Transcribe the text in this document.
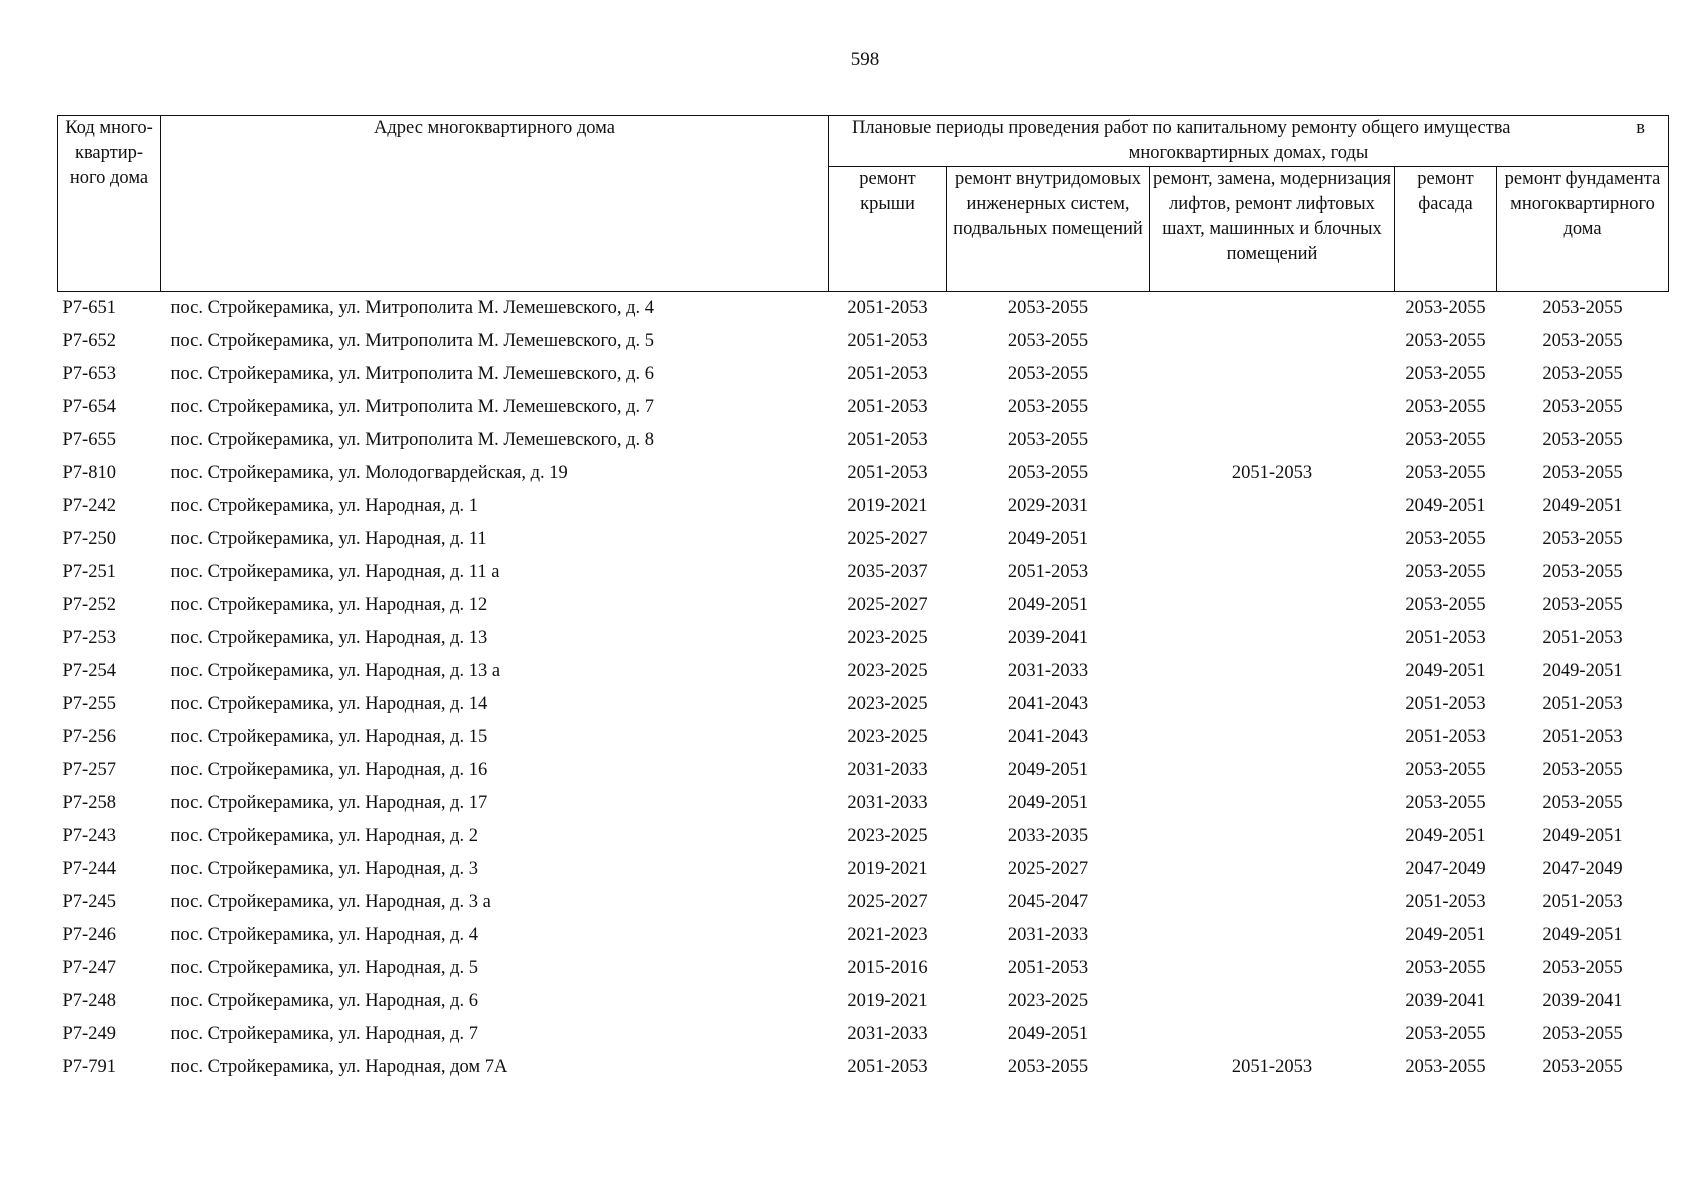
598
Код много-квартир-ного дома	Адрес многоквартирного дома	Плановые периоды проведения работ по капитальному ремонту общего имущества в
многоквартирных домах, годы				

		ремонт крыши	ремонт внутридомовых инженерных систем, подвальных помещений	ремонт, замена, модернизация лифтов, ремонт лифтовых шахт, машинных и блочных помещений	ремонт фасада	ремонт фундамента многоквартирного дома
Р7-651	пос. Стройкерамика, ул. Митрополита М. Лемешевского, д. 4	2051-2053	2053-2055		2053-2055	2053-2055
Р7-652	пос. Стройкерамика, ул. Митрополита М. Лемешевского, д. 5	2051-2053	2053-2055		2053-2055	2053-2055
Р7-653	пос. Стройкерамика, ул. Митрополита М. Лемешевского, д. 6	2051-2053	2053-2055		2053-2055	2053-2055
Р7-654	пос. Стройкерамика, ул. Митрополита М. Лемешевского, д. 7	2051-2053	2053-2055		2053-2055	2053-2055
Р7-655	пос. Стройкерамика, ул. Митрополита М. Лемешевского, д. 8	2051-2053	2053-2055		2053-2055	2053-2055
Р7-810	пос. Стройкерамика, ул. Молодогвардейская, д. 19	2051-2053	2053-2055	2051-2053	2053-2055	2053-2055
Р7-242	пос. Стройкерамика, ул. Народная, д. 1	2019-2021	2029-2031		2049-2051	2049-2051
Р7-250	пос. Стройкерамика, ул. Народная, д. 11	2025-2027	2049-2051		2053-2055	2053-2055
Р7-251	пос. Стройкерамика, ул. Народная, д. 11 а	2035-2037	2051-2053		2053-2055	2053-2055
Р7-252	пос. Стройкерамика, ул. Народная, д. 12	2025-2027	2049-2051		2053-2055	2053-2055
Р7-253	пос. Стройкерамика, ул. Народная, д. 13	2023-2025	2039-2041		2051-2053	2051-2053
Р7-254	пос. Стройкерамика, ул. Народная, д. 13 а	2023-2025	2031-2033		2049-2051	2049-2051
Р7-255	пос. Стройкерамика, ул. Народная, д. 14	2023-2025	2041-2043		2051-2053	2051-2053
Р7-256	пос. Стройкерамика, ул. Народная, д. 15	2023-2025	2041-2043		2051-2053	2051-2053
Р7-257	пос. Стройкерамика, ул. Народная, д. 16	2031-2033	2049-2051		2053-2055	2053-2055
Р7-258	пос. Стройкерамика, ул. Народная, д. 17	2031-2033	2049-2051		2053-2055	2053-2055
Р7-243	пос. Стройкерамика, ул. Народная, д. 2	2023-2025	2033-2035		2049-2051	2049-2051
Р7-244	пос. Стройкерамика, ул. Народная, д. 3	2019-2021	2025-2027		2047-2049	2047-2049
Р7-245	пос. Стройкерамика, ул. Народная, д. 3 а	2025-2027	2045-2047		2051-2053	2051-2053
Р7-246	пос. Стройкерамика, ул. Народная, д. 4	2021-2023	2031-2033		2049-2051	2049-2051
Р7-247	пос. Стройкерамика, ул. Народная, д. 5	2015-2016	2051-2053		2053-2055	2053-2055
Р7-248	пос. Стройкерамика, ул. Народная, д. 6	2019-2021	2023-2025		2039-2041	2039-2041
Р7-249	пос. Стройкерамика, ул. Народная, д. 7	2031-2033	2049-2051		2053-2055	2053-2055
Р7-791	пос. Стройкерамика, ул. Народная, дом 7А	2051-2053	2053-2055	2051-2053	2053-2055	2053-2055
